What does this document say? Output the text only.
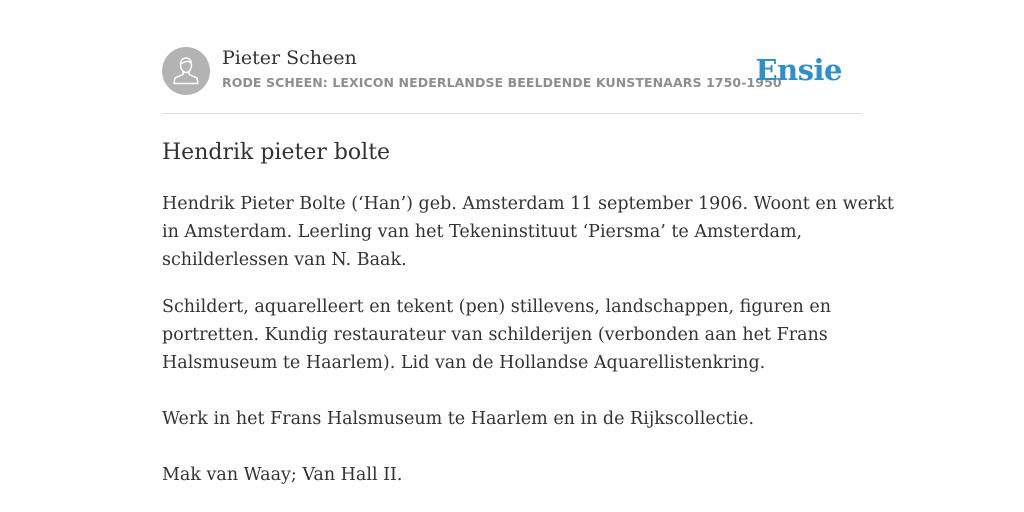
Pieter Scheen
RODE SCHEEN: LEXICON NEDERLANDSE BEELDENDE KUNSTENAARS 1750-1950
Ensie
Hendrik pieter bolte

Hendrik Pieter Bolte (‘Han’) geb. Amsterdam 11 september 1906. Woont en werkt

in Amsterdam. Leerling van het Tekeninstituut ‘Piersma’ te Amsterdam,

schilderlessen van N. Baak.

Schildert, aquarelleert en tekent (pen) stillevens, landschappen, figuren en

portretten. Kundig restaurateur van schilderijen (verbonden aan het Frans

Halsmuseum te Haarlem). Lid van de Hollandse Aquarellistenkring.

Werk in het Frans Halsmuseum te Haarlem en in de Rijkscollectie.

Mak van Waay; Van Hall II.
